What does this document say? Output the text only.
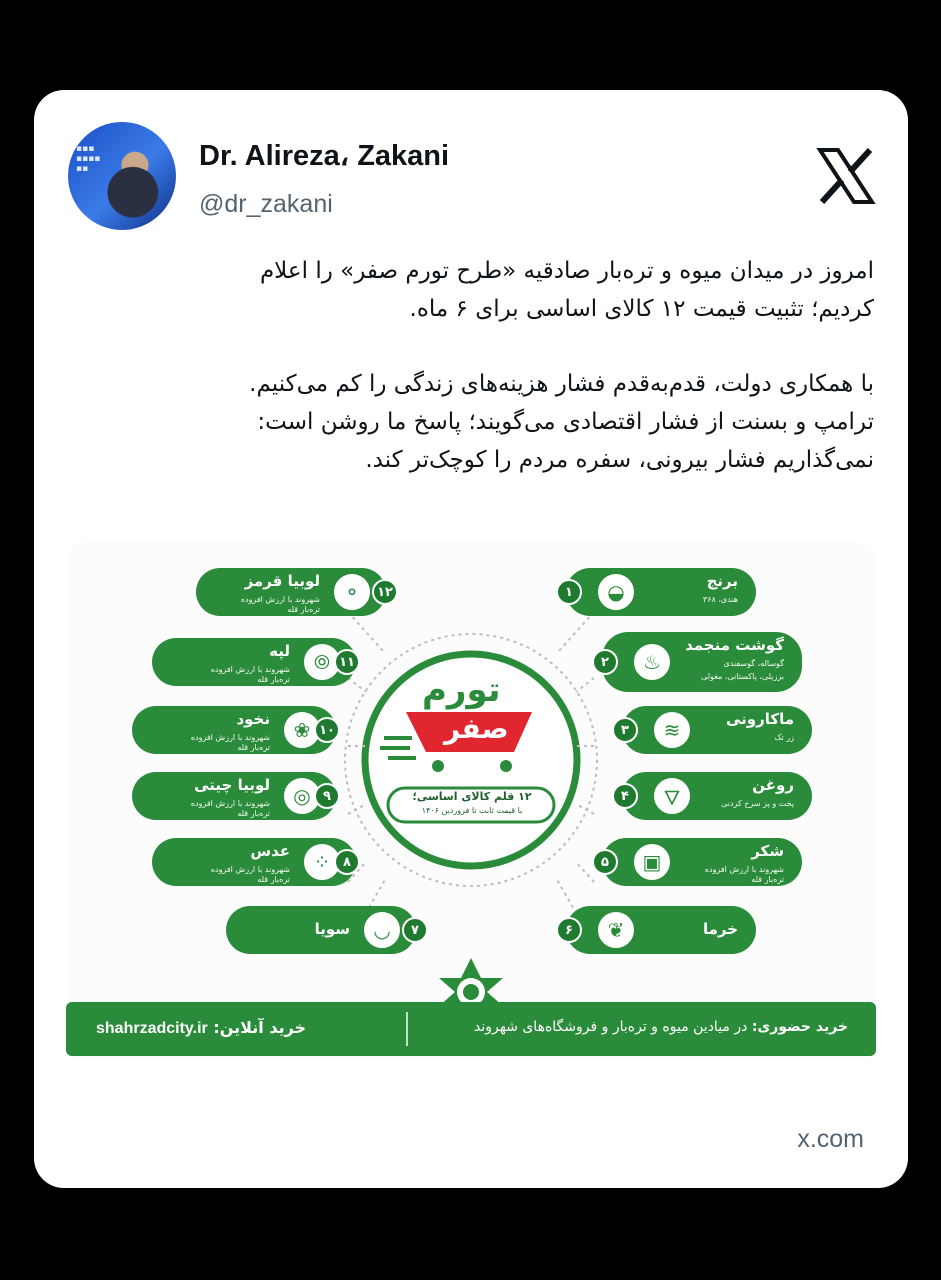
▪▪▪
▪▪▪▪
▪▪	Dr. Alireza‏، Zakani
@dr_zakani

امروز در میدان میوه و تره‌بار صادقیه «طرح تورم صفر» را اعلام

کردیم؛ تثبیت قیمت ۱۲ کالای اساسی برای ۶ ماه.

با همکاری دولت، قدم‌به‌قدم فشار هزینه‌های زندگی را کم می‌کنیم.

ترامپ و بسنت از فشار اقتصادی می‌گویند؛ پاسخ ما روشن است:

نمی‌گذاریم فشار بیرونی، سفره مردم را کوچک‌تر کند.

تورم
صفر
۱۲ قلم کالای اساسی؛
با قیمت ثابت تا فروردین ۱۴۰۶
لوبیا قرمز
شهروند با ارزش افزوده
تره‌بار قله
⚬	۱۲
لپه
شهروند با ارزش افزوده
تره‌بار قله
⦾ ۱۱
نخود
شهروند با ارزش افزوده
تره‌بار قله
❀ ۱۰
لوبیا چیتی
شهروند با ارزش افزوده
تره‌بار قله
◎ ۹
عدس
شهروند با ارزش افزوده
تره‌بار قله
⁘ ۸
سویا	◡	۷
◒	برنج
هندی، ۳۶۸
۱
♨
گوشت منجمد
گوساله، گوسفندی
برزیلی، پاکستانی، مغولی
۲
≋	ماکارونی
زر تک
۳
🜄
روغن
پخت و پز سرخ کردنی
۴
▣	شکر
شهروند با ارزش افزوده
تره‌بار قله
۵
❦	خرما
۶
خرید آنلاین: shahrzadcity.ir	خرید حضوری: در میادین میوه و تره‌بار و فروشگاه‌های شهروند
x.com
